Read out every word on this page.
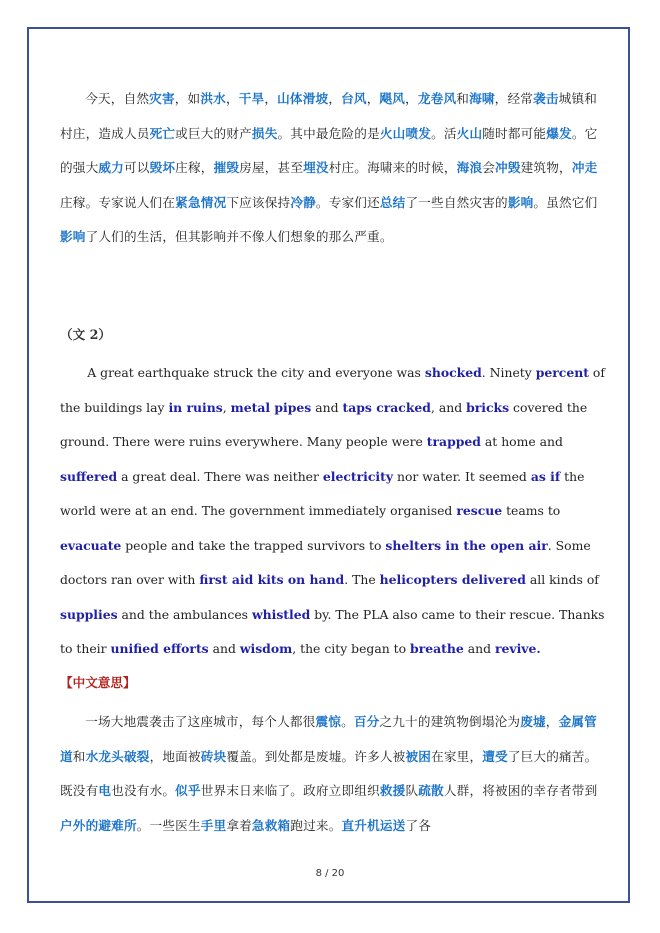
今天，自然灾害，如洪水，干旱，山体滑坡，台风，飓风，龙卷风和海啸，经常袭击城镇和村庄，造成人员死亡或巨大的财产损失。其中最危险的是火山喷发。活火山随时都可能爆发。它的强大威力可以毁坏庄稼，摧毁房屋，甚至埋没村庄。海啸来的时候，海浪会冲毁建筑物，冲走庄稼。专家说人们在紧急情况下应该保持冷静。专家们还总结了一些自然灾害的影响。虽然它们影响了人们的生活，但其影响并不像人们想象的那么严重。

（文 2）

A great earthquake struck the city and everyone was shocked. Ninety percent of the buildings lay in ruins, metal pipes and taps cracked, and bricks covered the ground. There were ruins everywhere. Many people were trapped at home and suffered a great deal. There was neither electricity nor water. It seemed as if the world were at an end. The government immediately organised rescue teams to evacuate people and take the trapped survivors to shelters in the open air. Some doctors ran over with first aid kits on hand. The helicopters delivered all kinds of supplies and the ambulances whistled by. The PLA also came to their rescue. Thanks to their unified efforts and wisdom, the city began to breathe and revive.

【中文意思】

一场大地震袭击了这座城市，每个人都很震惊。百分之九十的建筑物倒塌沦为废墟，金属管道和水龙头破裂，地面被砖块覆盖。到处都是废墟。许多人被被困在家里，遭受了巨大的痛苦。既没有电也没有水。似乎世界末日来临了。政府立即组织救援队疏散人群，将被困的幸存者带到户外的避难所。一些医生手里拿着急救箱跑过来。直升机运送了各

8 / 20
